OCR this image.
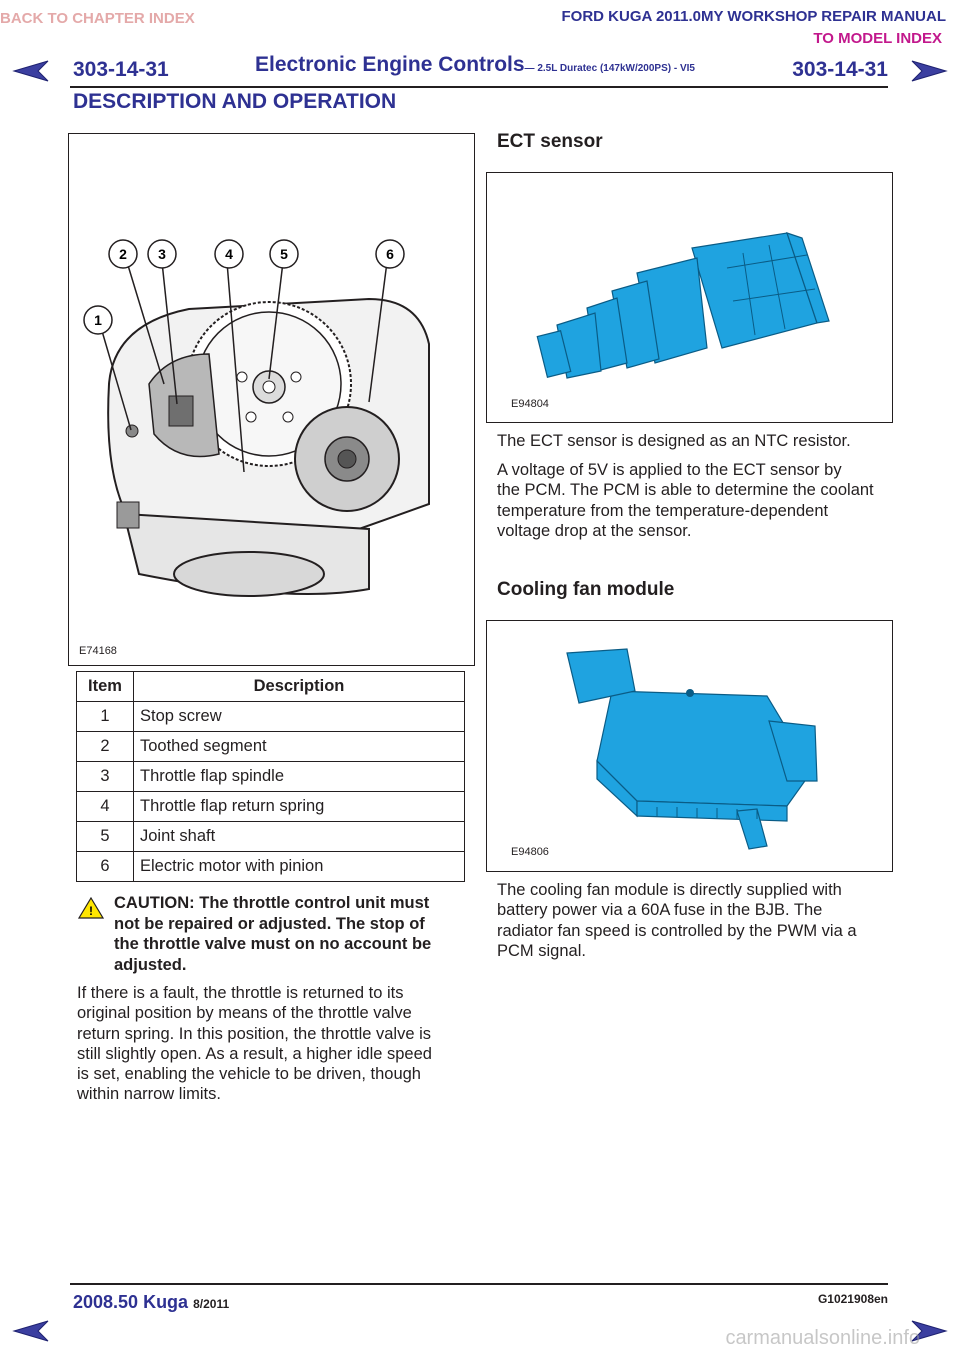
BACK TO CHAPTER INDEX	FORD KUGA 2011.0MY WORKSHOP REPAIR MANUAL
TO MODEL INDEX
303-14-31	Electronic Engine Controls— 2.5L Duratec (147kW/200PS) - VI5	303-14-31
DESCRIPTION AND OPERATION
1
2 3	4	5	6
E74168
Item	Description
1	Stop screw
2	Toothed segment
3	Throttle flap spindle
4	Throttle flap return spring
5	Joint shaft
6	Electric motor with pinion
! CAUTION: The throttle control unit must
not be repaired or adjusted. The stop of
the throttle valve must on no account be
adjusted.
If there is a fault, the throttle is returned to its
original position by means of the throttle valve
return spring. In this position, the throttle valve is
still slightly open. As a result, a higher idle speed
is set, enabling the vehicle to be driven, though
within narrow limits.
ECT sensor
E94804
The ECT sensor is designed as an NTC resistor.
A voltage of 5V is applied to the ECT sensor by
the PCM. The PCM is able to determine the coolant
temperature from the temperature-dependent
voltage drop at the sensor.
Cooling fan module
E94806
The cooling fan module is directly supplied with
battery power via a 60A fuse in the BJB. The
radiator fan speed is controlled by the PWM via a
PCM signal.
2008.50 Kuga 8/2011	G1021908en
carmanualsonline.info
